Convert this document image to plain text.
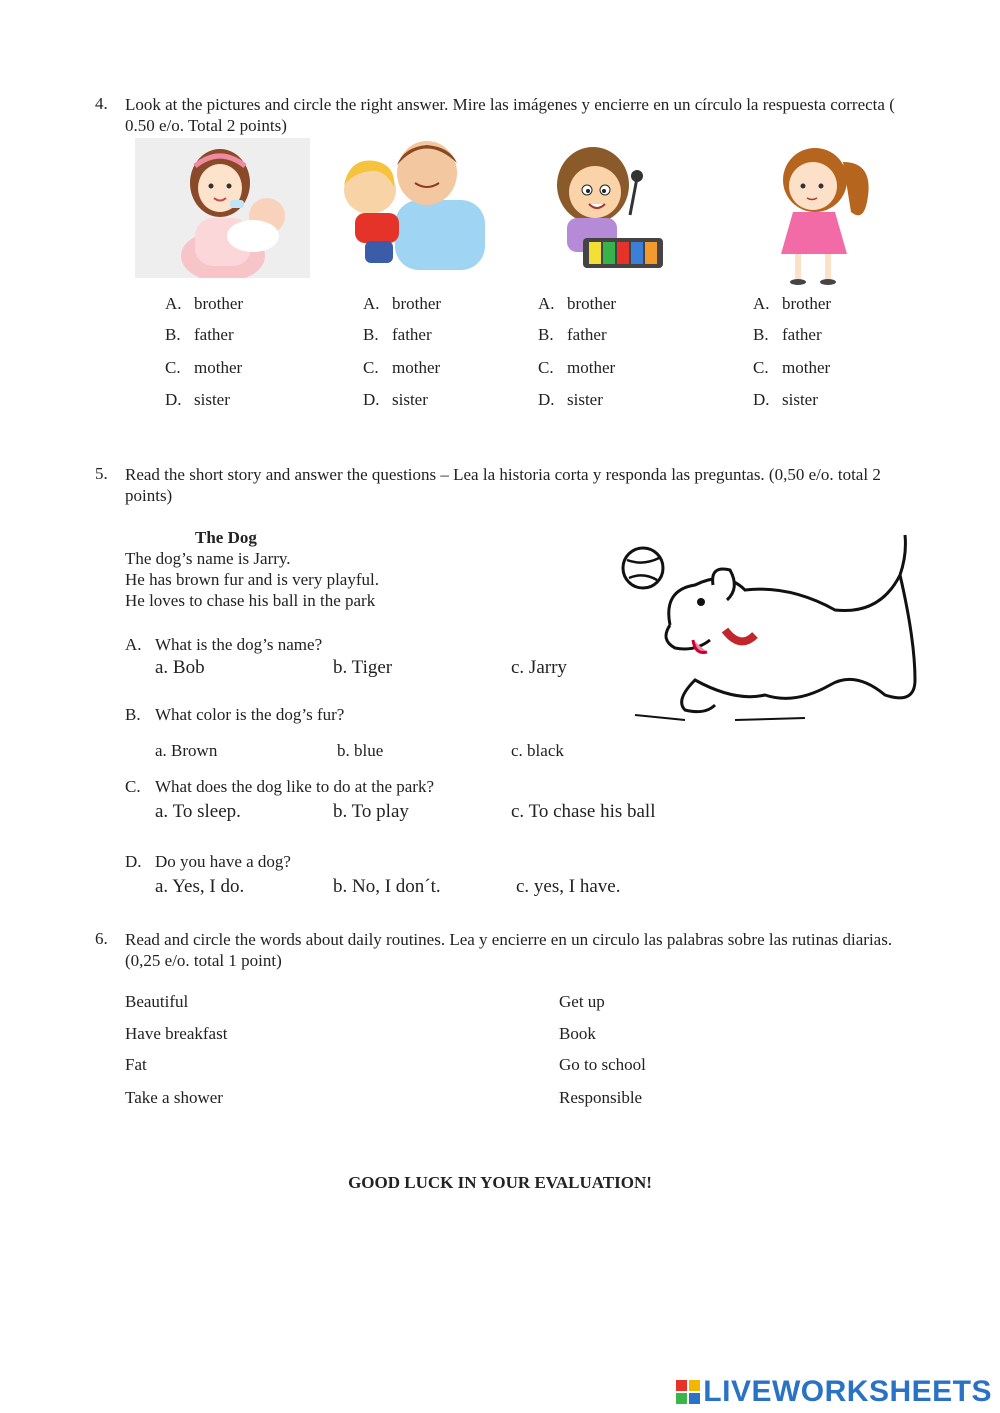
4. Look at the pictures and circle the right answer. Mire las imágenes y encierre en un círculo la respuesta correcta ( 0.50 e/o. Total 2 points)
A. brother
B. father
C. mother
D. sister
A. brother
B. father
C. mother
D. sister
A. brother
B. father
C. mother
D. sister
A. brother
B. father
C. mother
D. sister
5. Read the short story and answer the questions – Lea la historia corta y responda las preguntas. (0,50 e/o. total 2 points)
The Dog
The dog’s name is Jarry.
He has brown fur and is very playful.
He loves to chase his ball in the park
A. What is the dog’s name?
a. Bob	b. Tiger	c. Jarry
B. What color is the dog’s fur?
a. Brown	b. blue	c. black
C. What does the dog like to do at the park?
a. To sleep.	b. To play	c. To chase his ball
D. Do you have a dog?
a. Yes, I do.	b. No, I don´t.	c. yes, I have.
6. Read and circle the words about daily routines. Lea y encierre en un circulo las palabras sobre las rutinas diarias. (0,25 e/o. total 1 point)
Beautiful
Have breakfast
Fat
Take a shower
Get up
Book
Go to school
Responsible
GOOD LUCK IN YOUR EVALUATION!
LIVEWORKSHEETS
